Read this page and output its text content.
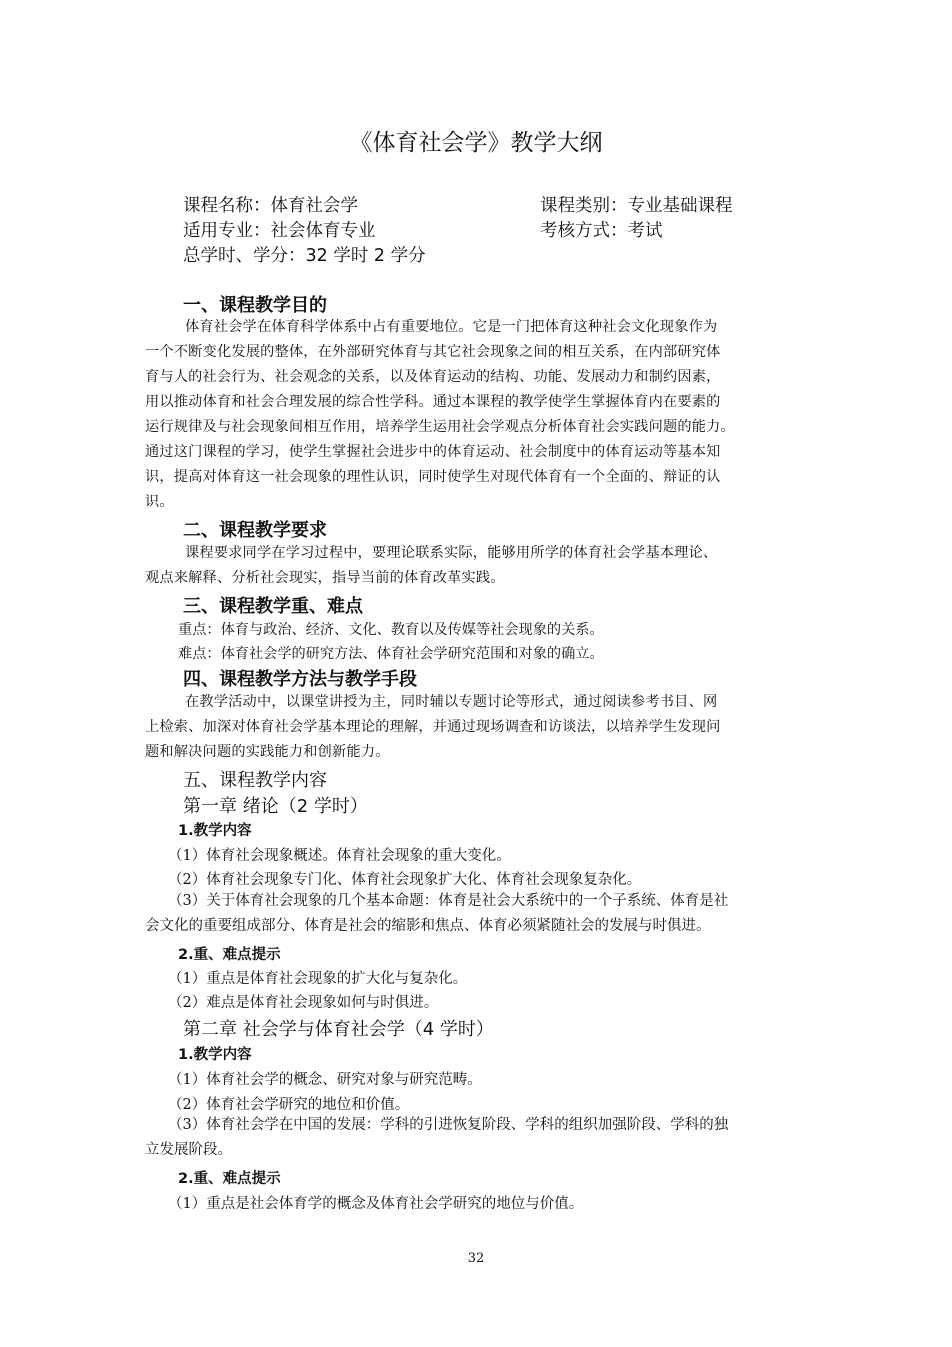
《体育社会学》教学大纲
课程名称：体育社会学	课程类别：专业基础课程
适用专业：社会体育专业	考核方式：考试
总学时、学分：32 学时 2 学分
一、课程教学目的
体育社会学在体育科学体系中占有重要地位。它是一门把体育这种社会文化现象作为
一个不断变化发展的整体，在外部研究体育与其它社会现象之间的相互关系，在内部研究体
育与人的社会行为、社会观念的关系，以及体育运动的结构、功能、发展动力和制约因素，
用以推动体育和社会合理发展的综合性学科。通过本课程的教学使学生掌握体育内在要素的
运行规律及与社会现象间相互作用，培养学生运用社会学观点分析体育社会实践问题的能力。
通过这门课程的学习，使学生掌握社会进步中的体育运动、社会制度中的体育运动等基本知
识，提高对体育这一社会现象的理性认识，同时使学生对现代体育有一个全面的、辩证的认
识。
二、课程教学要求
课程要求同学在学习过程中，要理论联系实际，能够用所学的体育社会学基本理论、
观点来解释、分析社会现实，指导当前的体育改革实践。
三、课程教学重、难点
重点：体育与政治、经济、文化、教育以及传媒等社会现象的关系。
难点：体育社会学的研究方法、体育社会学研究范围和对象的确立。
四、课程教学方法与教学手段
在教学活动中，以课堂讲授为主，同时辅以专题讨论等形式，通过阅读参考书目、网
上检索、加深对体育社会学基本理论的理解，并通过现场调查和访谈法，以培养学生发现问
题和解决问题的实践能力和创新能力。
五、课程教学内容
第一章 绪论（2 学时）
1.教学内容
（1）体育社会现象概述。体育社会现象的重大变化。
（2）体育社会现象专门化、体育社会现象扩大化、体育社会现象复杂化。
（3）关于体育社会现象的几个基本命题：体育是社会大系统中的一个子系统、体育是社
会文化的重要组成部分、体育是社会的缩影和焦点、体育必须紧随社会的发展与时俱进。
2.重、难点提示
（1）重点是体育社会现象的扩大化与复杂化。
（2）难点是体育社会现象如何与时俱进。
第二章 社会学与体育社会学（4 学时）
1.教学内容
（1）体育社会学的概念、研究对象与研究范畴。
（2）体育社会学研究的地位和价值。
（3）体育社会学在中国的发展：学科的引进恢复阶段、学科的组织加强阶段、学科的独
立发展阶段。
2.重、难点提示
（1）重点是社会体育学的概念及体育社会学研究的地位与价值。
32
